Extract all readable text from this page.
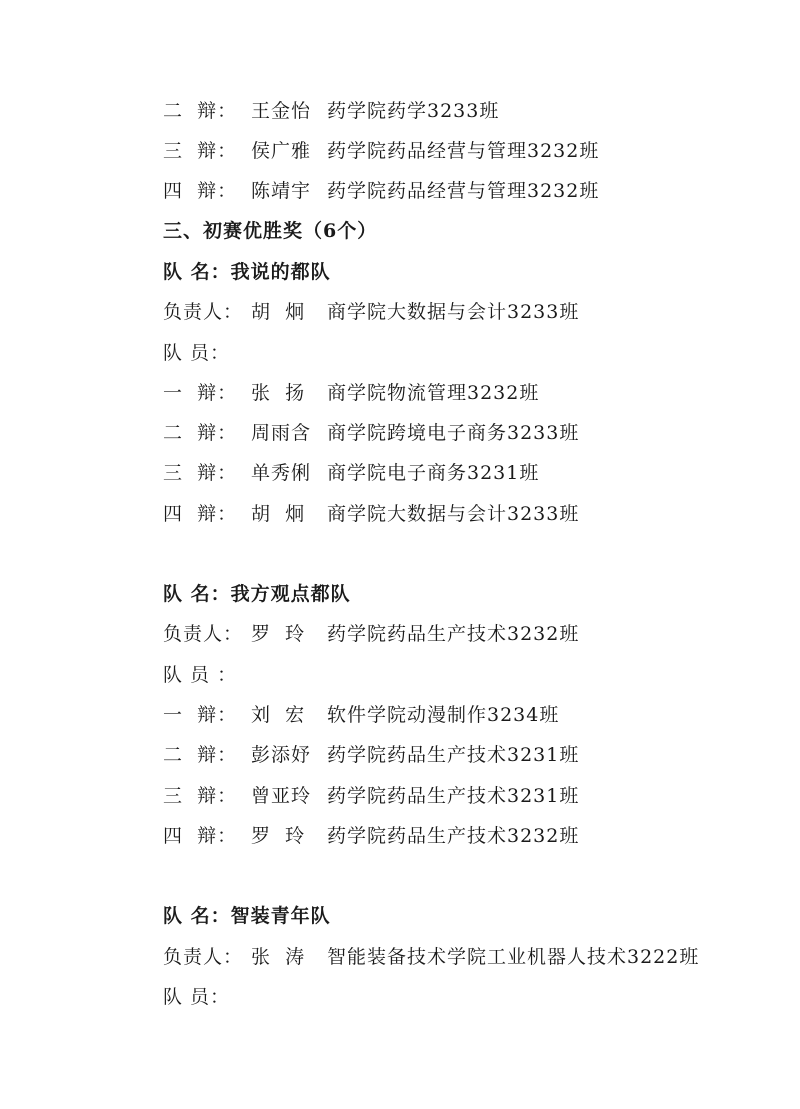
二  辩： 王金怡 药学院药学3233班
三  辩： 侯广雅 药学院药品经营与管理3232班
四  辩： 陈靖宇 药学院药品经营与管理3232班
三、初赛优胜奖（6个）
队 名：我说的都队
负责人： 胡  炯 商学院大数据与会计3233班
队 员：
一  辩： 张  扬 商学院物流管理3232班
二  辩： 周雨含 商学院跨境电子商务3233班
三  辩： 单秀俐 商学院电子商务3231班
四  辩： 胡  炯 商学院大数据与会计3233班
队 名：我方观点都队
负责人： 罗  玲 药学院药品生产技术3232班
队 员 ：
一  辩： 刘  宏 软件学院动漫制作3234班
二  辩： 彭添妤 药学院药品生产技术3231班
三  辩： 曾亚玲 药学院药品生产技术3231班
四  辩： 罗  玲 药学院药品生产技术3232班
队 名：智装青年队
负责人： 张  涛 智能装备技术学院工业机器人技术3222班
队 员：
